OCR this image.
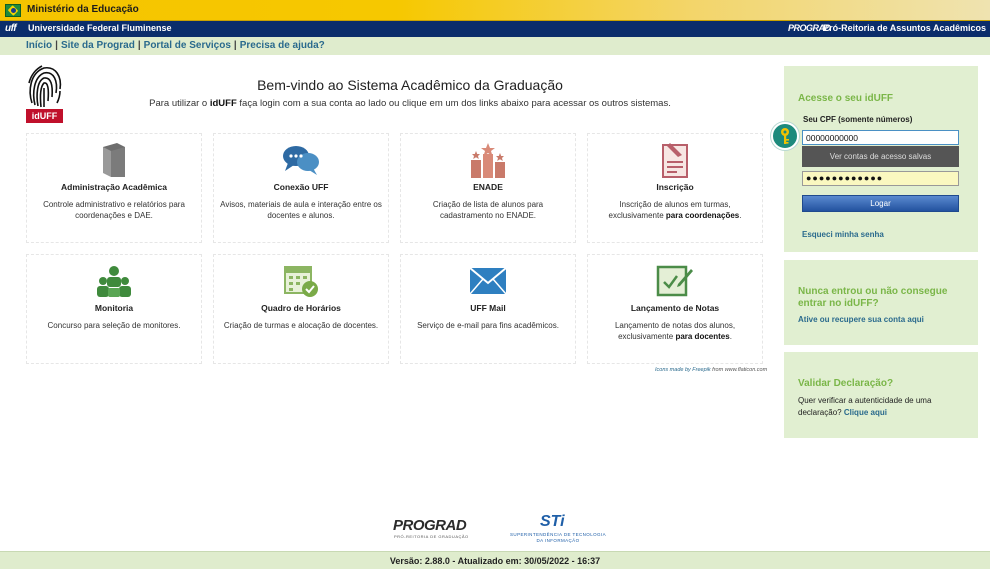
Ministério da Educação
uff Universidade Federal Fluminense	PROGRAD
Pró-Reitoria de Assuntos Acadêmicos
Início | Site da Prograd | Portal de Serviços | Precisa de ajuda?
idUFF
Bem-vindo ao Sistema Acadêmico da Graduação
Para utilizar o idUFF faça login com a sua conta ao lado ou clique em um dos links abaixo para acessar os outros sistemas.
Administração Acadêmica
Controle administrativo e relatórios para coordenações e DAE.
Conexão UFF
Avisos, materiais de aula e interação entre os docentes e alunos.
ENADE
Criação de lista de alunos para cadastramento no ENADE.
Inscrição
Inscrição de alunos em turmas, exclusivamente para coordenações.
Monitoria
Concurso para seleção de monitores.
Quadro de Horários
Criação de turmas e alocação de docentes.
UFF Mail
Serviço de e-mail para fins acadêmicos.
Lançamento de Notas
Lançamento de notas dos alunos, exclusivamente para docentes.
Icons made by Freepik from www.flaticon.com
Acesse o seu idUFF
Seu CPF (somente números)
00000000000
Ver contas de acesso salvas
●●●●●●●●●●●●
Logar
Esqueci minha senha
Nunca entrou ou não consegue entrar no idUFF?
Ative ou recupere sua conta aqui
Validar Declaração?
Quer verificar a autenticidade de uma declaração? Clique aqui
PROGRAD
PRÓ-REITORIA DE GRADUAÇÃO
STi
SUPERINTENDÊNCIA DE TECNOLOGIA DA INFORMAÇÃO
Versão: 2.88.0 - Atualizado em: 30/05/2022 - 16:37
